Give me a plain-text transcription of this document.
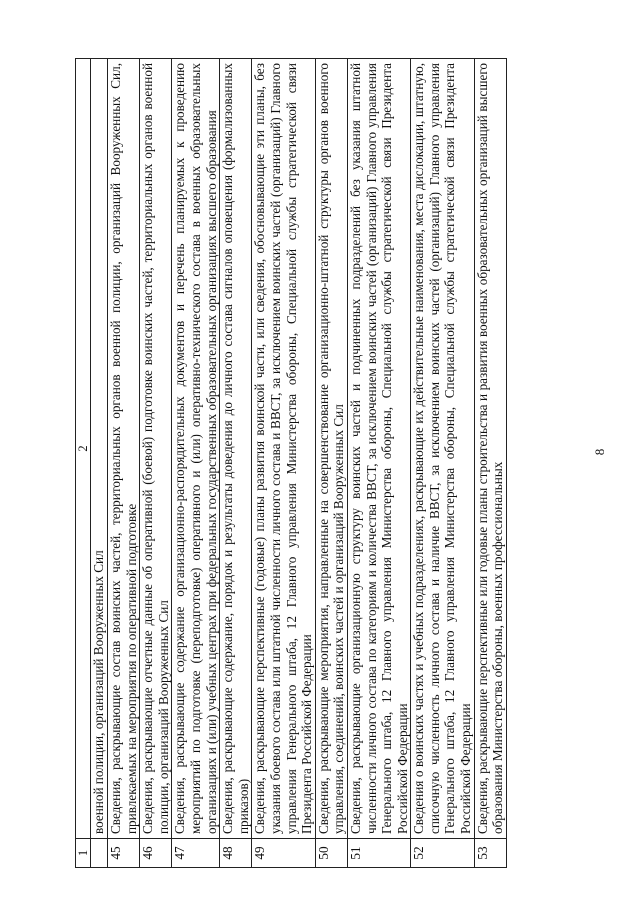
8
1	2

	военной полиции, организаций Вооруженных Сил

45	Сведения, раскрывающие состав воинских частей, территориальных органов военной полиции, организаций Вооруженных Сил, привлекаемых на мероприятия по оперативной подготовке

46	Сведения, раскрывающие отчетные данные об оперативной (боевой) подготовке воинских частей, территориальных органов военной полиции, организаций Вооруженных Сил

47	Сведения, раскрывающие содержание организационно-распорядительных документов и перечень планируемых к проведению мероприятий по подготовке (переподготовке) оперативного и (или) оперативно-технического состава в военных образовательных организациях и (или) учебных центрах при федеральных государственных образовательных организациях высшего образования

48	Сведения, раскрывающие содержание, порядок и результаты доведения до личного состава сигналов оповещения (формализованных приказов)

49	Сведения, раскрывающие перспективные (годовые) планы развития воинской части, или сведения, обосновывающие эти планы, без указания боевого состава или штатной численности личного состава и ВВСТ, за исключением воинских частей (организаций) Главного управления Генерального штаба, 12 Главного управления Министерства обороны, Специальной службы стратегической связи Президента Российской Федерации

50	Сведения, раскрывающие мероприятия, направленные на совершенствование организационно-штатной структуры органов военного управления, соединений, воинских частей и организаций Вооруженных Сил

51	Сведения, раскрывающие организационную структуру воинских частей и подчиненных подразделений без указания штатной численности личного состава по категориям и количества ВВСТ, за исключением воинских частей (организаций) Главного управления Генерального штаба, 12 Главного управления Министерства обороны, Специальной службы стратегической связи Президента Российской Федерации

52	Сведения о воинских частях и учебных подразделениях, раскрывающие их действительные наименования, места дислокации, штатную, списочную численность личного состава и наличие ВВСТ, за исключением воинских частей (организаций) Главного управления Генерального штаба, 12 Главного управления Министерства обороны, Специальной службы стратегической связи Президента Российской Федерации

53	Сведения, раскрывающие перспективные или годовые планы строительства и развития военных образовательных организаций высшего образования Министерства обороны, военных профессиональных
